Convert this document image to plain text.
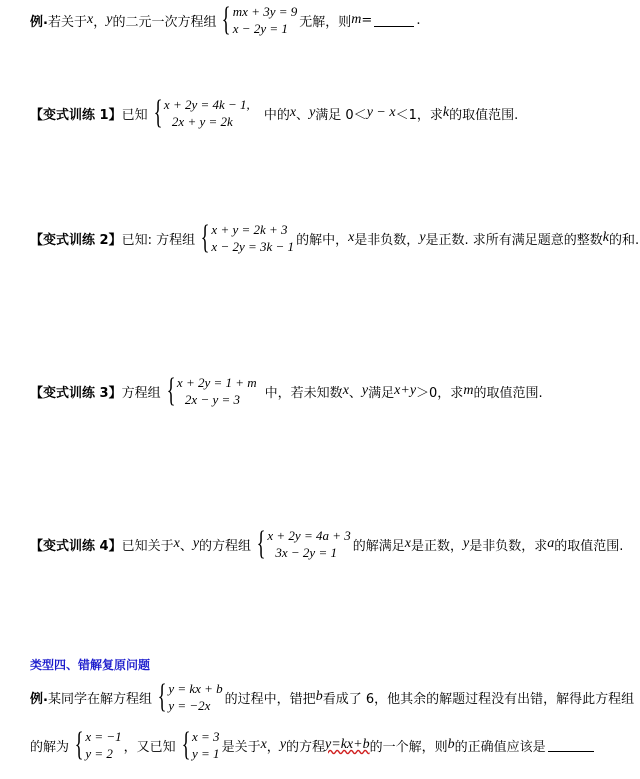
例 . 若关于 x ， y 的二元一次方程组 { mx + 3y = 9
x − 2y = 1 无解，则 m =	.
【变式训练 1】 已知 { x + 2y = 4k − 1,
2x + y = 2k	中的 x 、 y 满足 0＜ y − x ＜1，求 k 的取值范围.
【变式训练 2】 已知: 方程组 { x + y = 2k + 3
x − 2y = 3k − 1 的解中， x 是非负数， y 是正数. 求所有满足题意的整数 k 的和.
【变式训练 3】 方程组 { x + 2y = 1 + m
2x − y = 3	中，若未知数 x 、 y 满足 x+y ＞0，求 m 的取值范围.
【变式训练 4】 已知关于 x 、 y 的方程组 { x + 2y = 4a + 3
3x − 2y = 1	的解满足 x 是正数， y 是非负数，求 a 的取值范围.
类型四、错解复原问题
例 . 某同学在解方程组 { y = kx + b
y = −2x	的过程中，错把 b 看成了 6，他其余的解题过程没有出错，解得此方程组
的解为 { x = −1
y = 2 ，又已知 { x = 3
y = 1 是关于 x ， y 的方程 y=kx+b 的一个解，则 b 的正确值应该是
